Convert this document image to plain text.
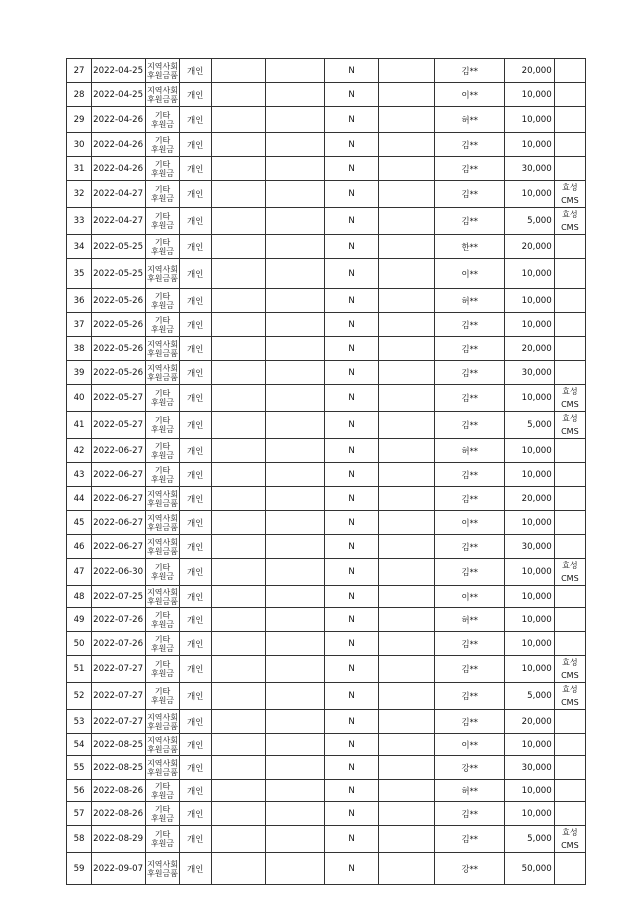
27	2022-04-25	지역사회
후원금품	개인			N		김**	20,000	

28	2022-04-25	지역사회
후원금품	개인			N		이**	10,000	

29	2022-04-26	기타
후원금	개인			N		허**	10,000	

30	2022-04-26	기타
후원금	개인			N		김**	10,000	

31	2022-04-26	기타
후원금	개인			N		김**	30,000	

32	2022-04-27	기타
후원금	개인			N		김**	10,000	효성
CMS

33	2022-04-27	기타
후원금	개인			N		김**	5,000	효성
CMS

34	2022-05-25	기타
후원금	개인			N		한**	20,000	

35	2022-05-25	지역사회
후원금품	개인			N		이**	10,000	

36	2022-05-26	기타
후원금	개인			N		허**	10,000	

37	2022-05-26	기타
후원금	개인			N		김**	10,000	

38	2022-05-26	지역사회
후원금품	개인			N		김**	20,000	

39	2022-05-26	지역사회
후원금품	개인			N		김**	30,000	

40	2022-05-27	기타
후원금	개인			N		김**	10,000	효성
CMS

41	2022-05-27	기타
후원금	개인			N		김**	5,000	효성
CMS

42	2022-06-27	기타
후원금	개인			N		허**	10,000	

43	2022-06-27	기타
후원금	개인			N		김**	10,000	

44	2022-06-27	지역사회
후원금품	개인			N		김**	20,000	

45	2022-06-27	지역사회
후원금품	개인			N		이**	10,000	

46	2022-06-27	지역사회
후원금품	개인			N		김**	30,000	

47	2022-06-30	기타
후원금	개인			N		김**	10,000	효성
CMS

48	2022-07-25	지역사회
후원금품	개인			N		이**	10,000	

49	2022-07-26	기타
후원금	개인			N		허**	10,000	

50	2022-07-26	기타
후원금	개인			N		김**	10,000	

51	2022-07-27	기타
후원금	개인			N		김**	10,000	효성
CMS

52	2022-07-27	기타
후원금	개인			N		김**	5,000	효성
CMS

53	2022-07-27	지역사회
후원금품	개인			N		김**	20,000	

54	2022-08-25	지역사회
후원금품	개인			N		이**	10,000	

55	2022-08-25	지역사회
후원금품	개인			N		강**	30,000	

56	2022-08-26	기타
후원금	개인			N		허**	10,000	

57	2022-08-26	기타
후원금	개인			N		김**	10,000	

58	2022-08-29	기타
후원금	개인			N		김**	5,000	효성
CMS

59	2022-09-07	지역사회
후원금품	개인			N		강**	50,000	
